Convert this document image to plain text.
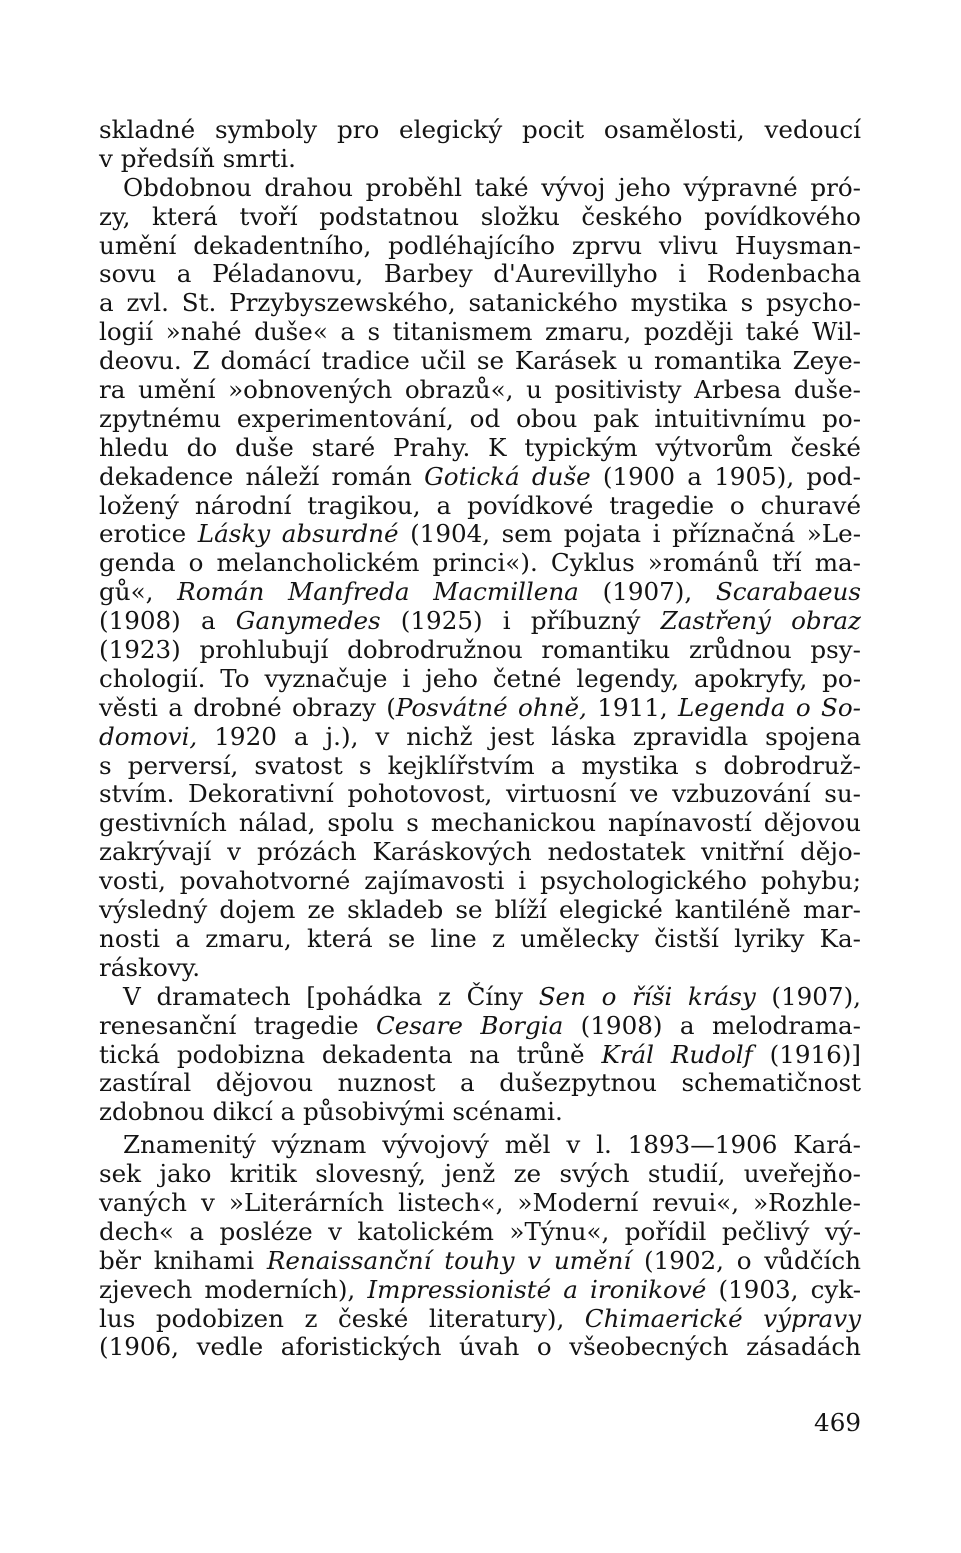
skladné symboly pro elegický pocit osamělosti, vedoucí
v předsíň smrti.
Obdobnou drahou proběhl také vývoj jeho výpravné pró-
zy, která tvoří podstatnou složku českého povídkového
umění dekadentního, podléhajícího zprvu vlivu Huysman-
sovu a Péladanovu, Barbey d'Aurevillyho i Rodenbacha
a zvl. St. Przybyszewského, satanického mystika s psycho-
logií »nahé duše« a s titanismem zmaru, později také Wil-
deovu. Z domácí tradice učil se Karásek u romantika Zeye-
ra umění »obnovených obrazů«, u positivisty Arbesa duše-
zpytnému experimentování, od obou pak intuitivnímu po-
hledu do duše staré Prahy. K typickým výtvorům české
dekadence náleží román Gotická duše (1900 a 1905), pod-
ložený národní tragikou, a povídkové tragedie o churavé
erotice Lásky absurdné (1904, sem pojata i příznačná »Le-
genda o melancholickém princi«). Cyklus »románů tří ma-
gů«, Román Manfreda Macmillena (1907), Scarabaeus
(1908) a Ganymedes (1925) i příbuzný Zastřený obraz
(1923) prohlubují dobrodružnou romantiku zrůdnou psy-
chologií. To vyznačuje i jeho četné legendy, apokryfy, po-
věsti a drobné obrazy (Posvátné ohně, 1911, Legenda o So-
domovi, 1920 a j.), v nichž jest láska zpravidla spojena
s perversí, svatost s kejklířstvím a mystika s dobrodruž-
stvím. Dekorativní pohotovost, virtuosní ve vzbuzování su-
gestivních nálad, spolu s mechanickou napínavostí dějovou
zakrývají v prózách Karáskových nedostatek vnitřní dějo-
vosti, povahotvorné zajímavosti i psychologického pohybu;
výsledný dojem ze skladeb se blíží elegické kantiléně mar-
nosti a zmaru, která se line z umělecky čistší lyriky Ka-
ráskovy.
V dramatech [pohádka z Číny Sen o říši krásy (1907),
renesanční tragedie Cesare Borgia (1908) a melodrama-
tická podobizna dekadenta na trůně Král Rudolf (1916)]
zastíral dějovou nuznost a dušezpytnou schematičnost
zdobnou dikcí a působivými scénami.
Znamenitý význam vývojový měl v l. 1893—1906 Kará-
sek jako kritik slovesný, jenž ze svých studií, uveřejňo-
vaných v »Literárních listech«, »Moderní revui«, »Rozhle-
dech« a posléze v katolickém »Týnu«, pořídil pečlivý vý-
běr knihami Renaissanční touhy v umění (1902, o vůdčích
zjevech moderních), Impressionisté a ironikové (1903, cyk-
lus podobizen z české literatury), Chimaerické výpravy
(1906, vedle aforistických úvah o všeobecných zásadách
469
